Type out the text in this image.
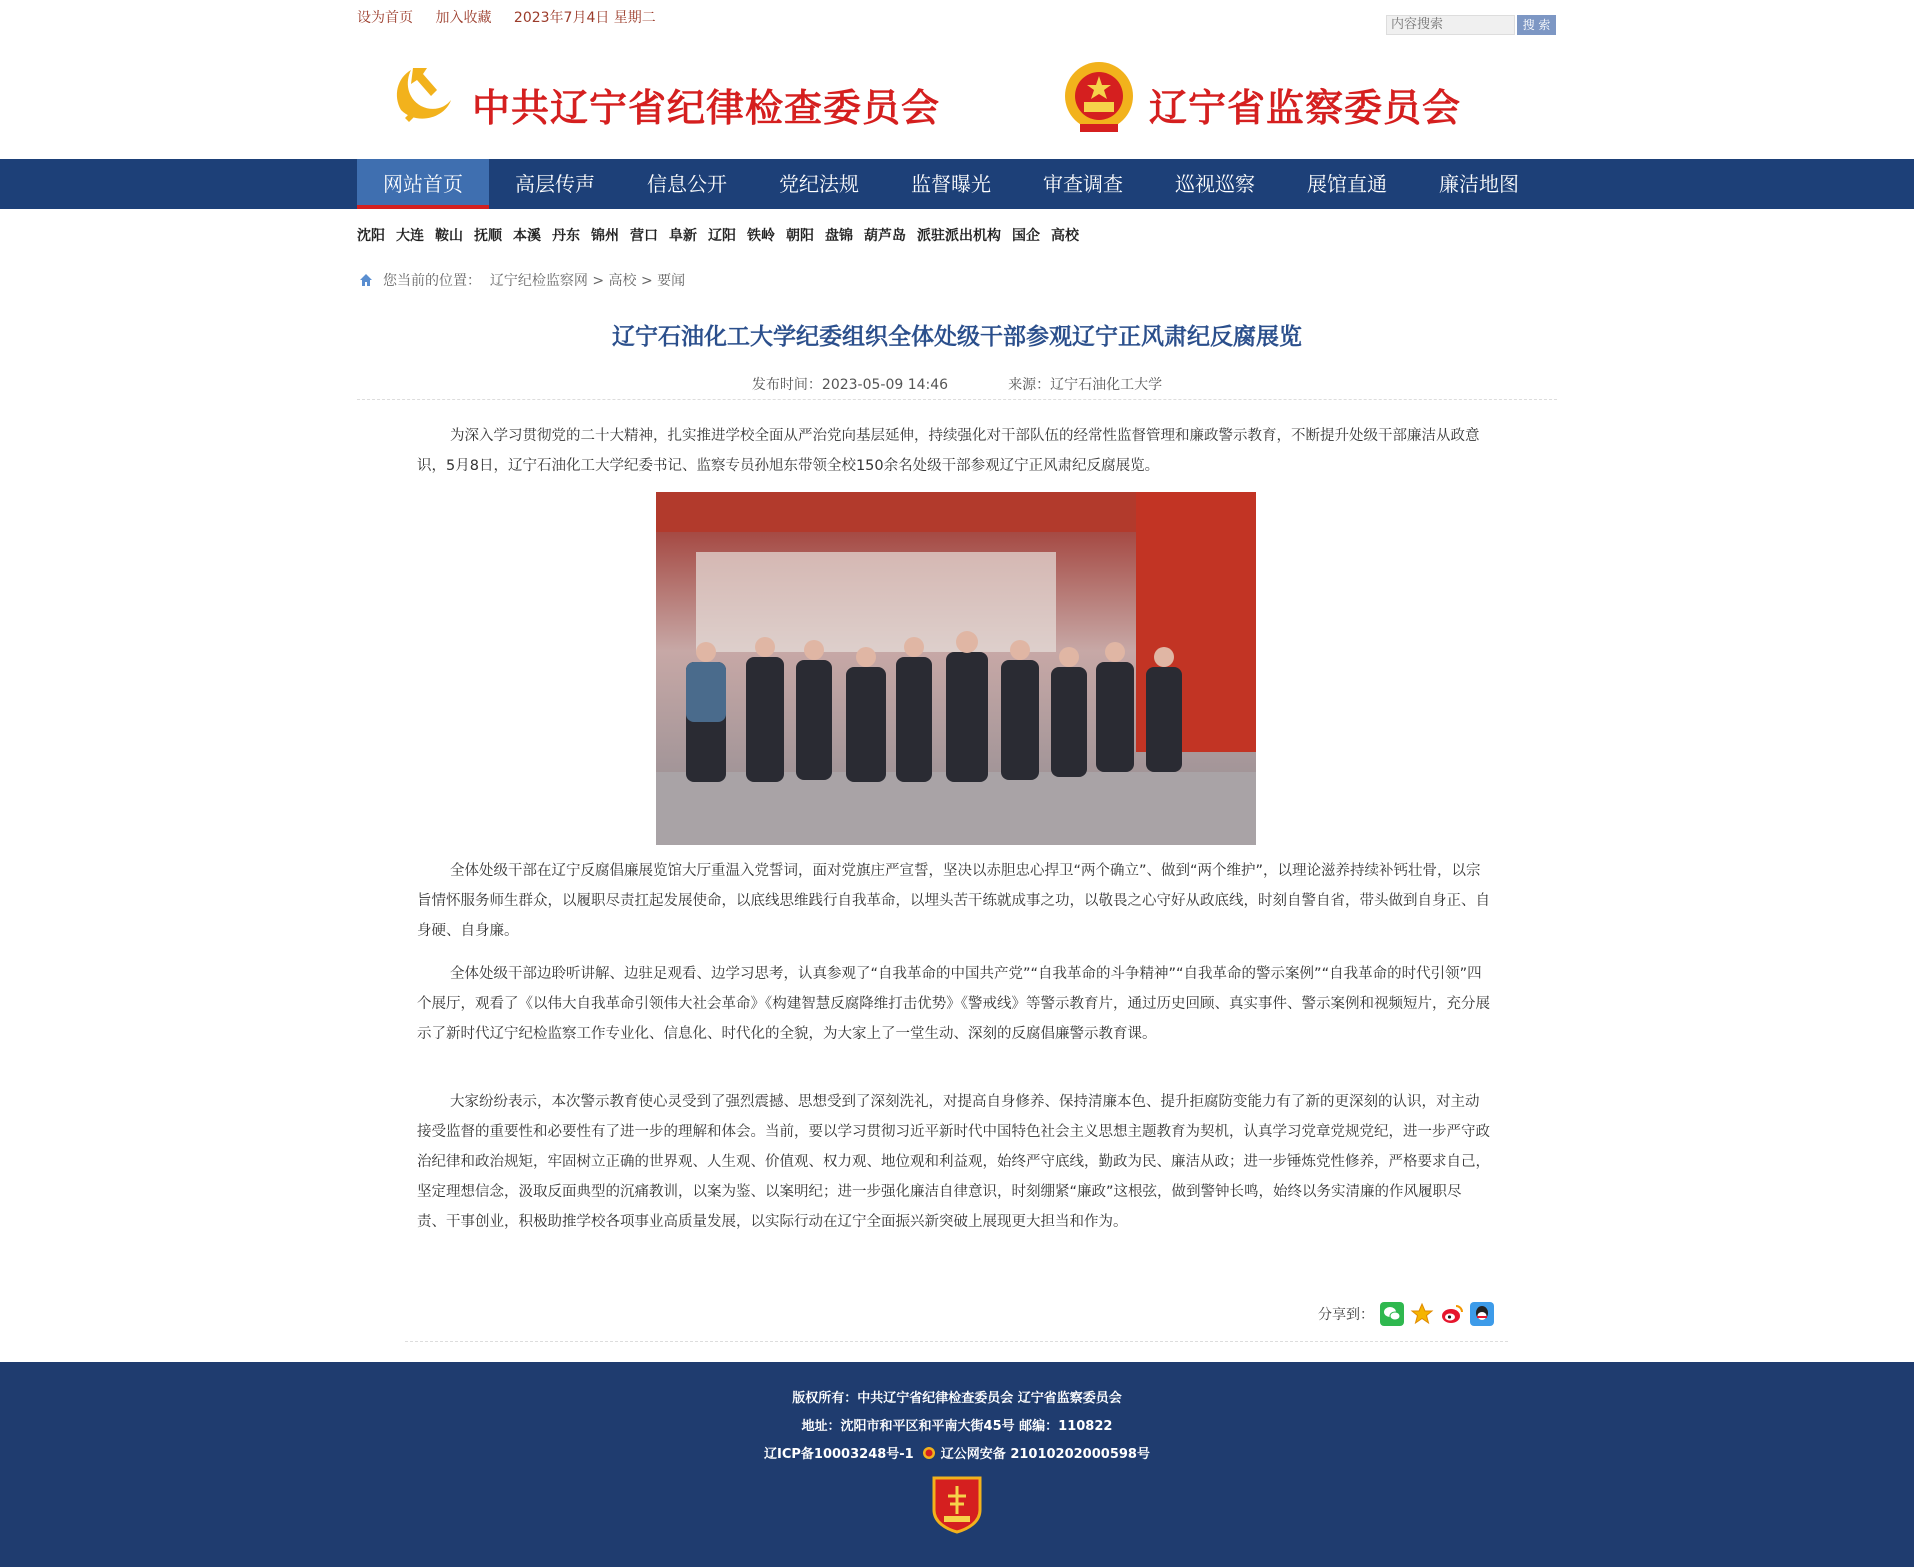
设为首页 加入收藏 2023年7月4日 星期二
内容搜索	搜 索
中共辽宁省纪律检查委员会	辽宁省监察委员会
网站首页	高层传声	信息公开	党纪法规	监督曝光	审查调查	巡视巡察	展馆直通	廉洁地图
沈阳 大连 鞍山 抚顺 本溪 丹东 锦州 营口 阜新 辽阳 铁岭 朝阳 盘锦 葫芦岛 派驻派出机构 国企 高校
您当前的位置： 辽宁纪检监察网 > 高校 > 要闻
辽宁石油化工大学纪委组织全体处级干部参观辽宁正风肃纪反腐展览
发布时间：2023-05-09 14:46	来源：辽宁石油化工大学
为深入学习贯彻党的二十大精神，扎实推进学校全面从严治党向基层延伸，持续强化对干部队伍的经常性监督管理和廉政警示教育，不断提升处级干部廉洁从政意识，5月8日，辽宁石油化工大学纪委书记、监察专员孙旭东带领全校150余名处级干部参观辽宁正风肃纪反腐展览。
全体处级干部在辽宁反腐倡廉展览馆大厅重温入党誓词，面对党旗庄严宣誓，坚决以赤胆忠心捍卫“两个确立”、做到“两个维护”，以理论滋养持续补钙壮骨，以宗旨情怀服务师生群众，以履职尽责扛起发展使命，以底线思维践行自我革命，以埋头苦干练就成事之功，以敬畏之心守好从政底线，时刻自警自省，带头做到自身正、自身硬、自身廉。
全体处级干部边聆听讲解、边驻足观看、边学习思考，认真参观了“自我革命的中国共产党”“自我革命的斗争精神”“自我革命的警示案例”“自我革命的时代引领”四个展厅，观看了《以伟大自我革命引领伟大社会革命》《构建智慧反腐降维打击优势》《警戒线》等警示教育片，通过历史回顾、真实事件、警示案例和视频短片，充分展示了新时代辽宁纪检监察工作专业化、信息化、时代化的全貌，为大家上了一堂生动、深刻的反腐倡廉警示教育课。
大家纷纷表示，本次警示教育使心灵受到了强烈震撼、思想受到了深刻洗礼，对提高自身修养、保持清廉本色、提升拒腐防变能力有了新的更深刻的认识，对主动接受监督的重要性和必要性有了进一步的理解和体会。当前，要以学习贯彻习近平新时代中国特色社会主义思想主题教育为契机，认真学习党章党规党纪，进一步严守政治纪律和政治规矩，牢固树立正确的世界观、人生观、价值观、权力观、地位观和利益观，始终严守底线，勤政为民、廉洁从政；进一步锤炼党性修养，严格要求自己，坚定理想信念，汲取反面典型的沉痛教训，以案为鉴、以案明纪；进一步强化廉洁自律意识，时刻绷紧“廉政”这根弦，做到警钟长鸣，始终以务实清廉的作风履职尽责、干事创业，积极助推学校各项事业高质量发展，以实际行动在辽宁全面振兴新突破上展现更大担当和作为。
分享到：
版权所有：中共辽宁省纪律检查委员会 辽宁省监察委员会
地址：沈阳市和平区和平南大街45号 邮编：110822
辽ICP备10003248号-1 辽公网安备 21010202000598号
